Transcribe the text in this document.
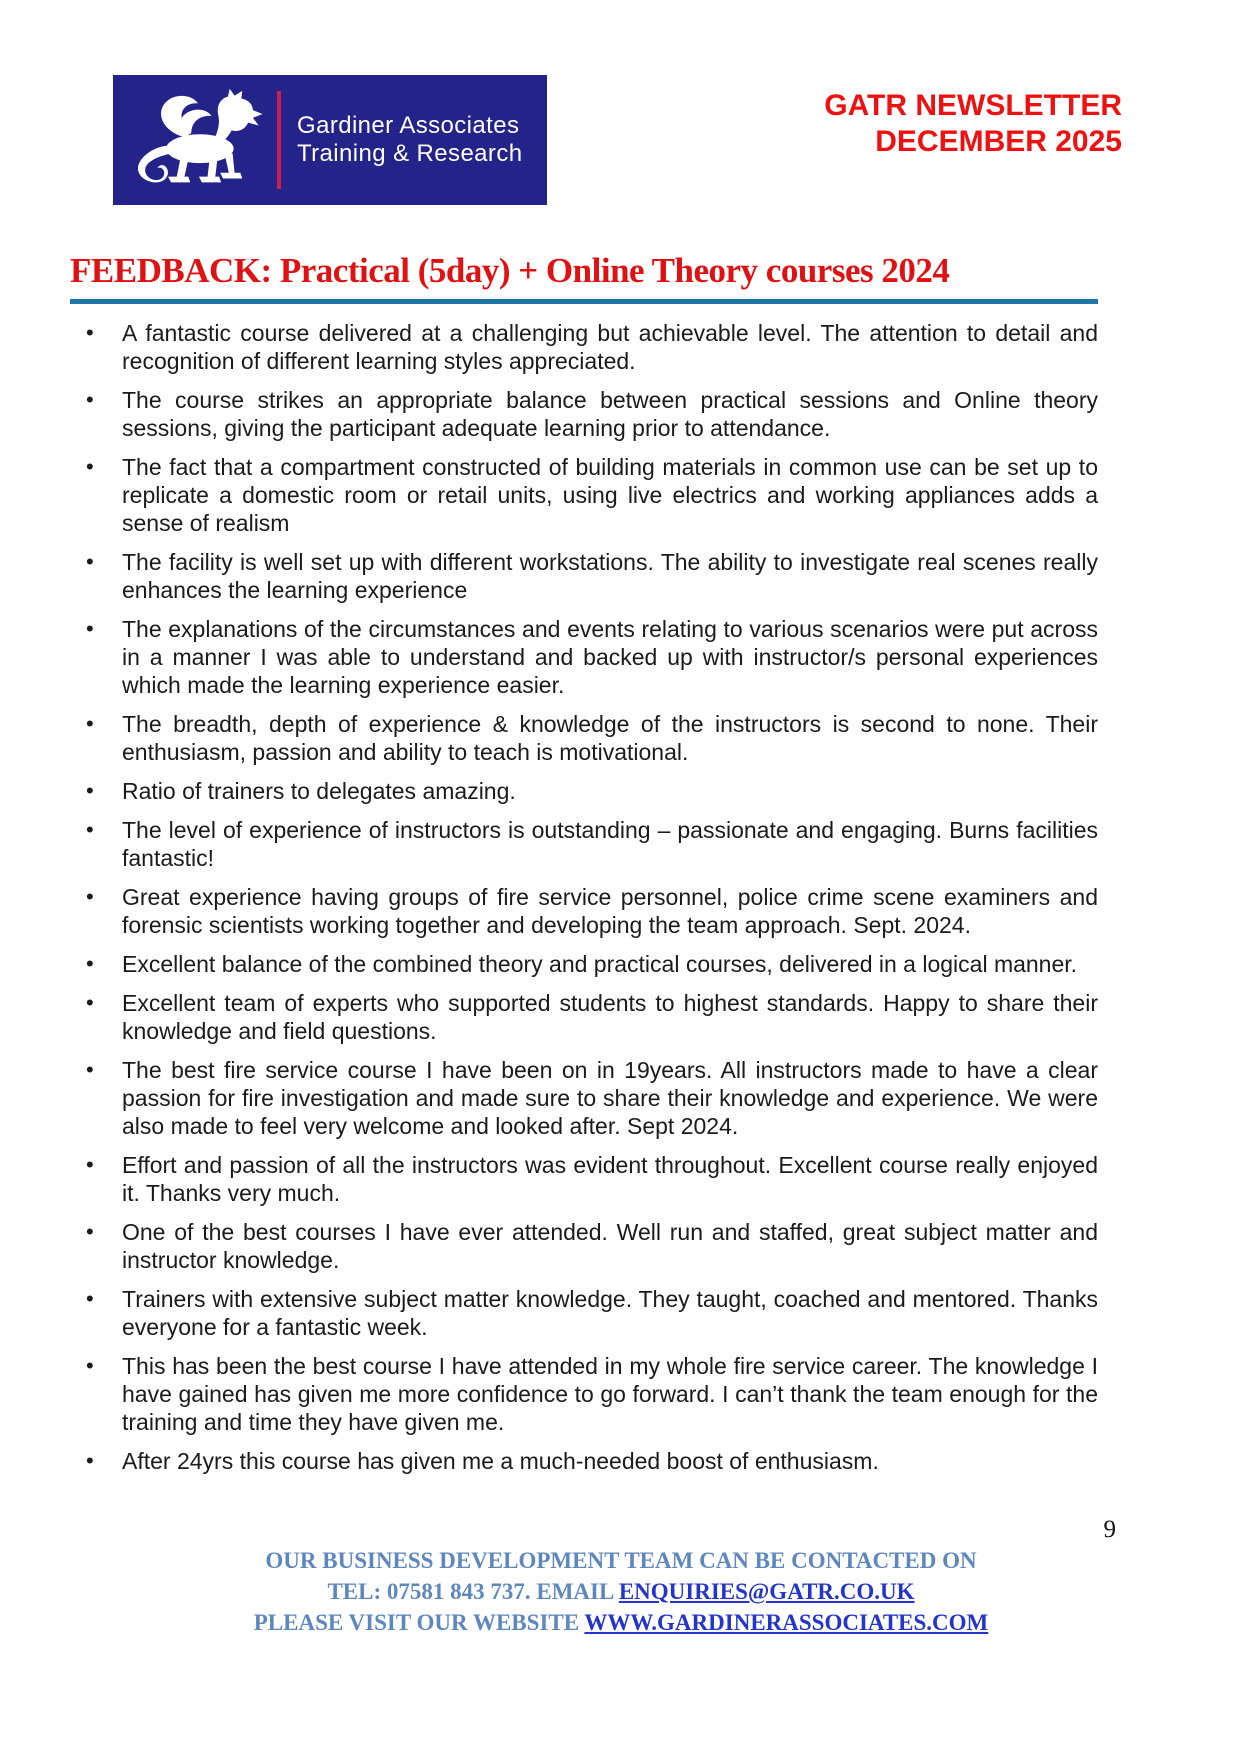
Gardiner Associates
Training & Research
GATR NEWSLETTER
DECEMBER 2025
FEEDBACK: Practical (5day) + Online Theory courses 2024
• A fantastic course delivered at a challenging but achievable level. The attention to detail and recognition of different learning styles appreciated.
• The course strikes an appropriate balance between practical sessions and Online theory sessions, giving the participant adequate learning prior to attendance.
• The fact that a compartment constructed of building materials in common use can be set up to replicate a domestic room or retail units, using live electrics and working appliances adds a sense of realism
• The facility is well set up with different workstations. The ability to investigate real scenes really enhances the learning experience
• The explanations of the circumstances and events relating to various scenarios were put across in a manner I was able to understand and backed up with instructor/s personal experiences which made the learning experience easier.
• The breadth, depth of experience & knowledge of the instructors is second to none. Their enthusiasm, passion and ability to teach is motivational.
• Ratio of trainers to delegates amazing.
• The level of experience of instructors is outstanding – passionate and engaging. Burns facilities fantastic!
• Great experience having groups of fire service personnel, police crime scene examiners and forensic scientists working together and developing the team approach. Sept. 2024.
• Excellent balance of the combined theory and practical courses, delivered in a logical manner.
• Excellent team of experts who supported students to highest standards. Happy to share their knowledge and field questions.
• The best fire service course I have been on in 19years. All instructors made to have a clear passion for fire investigation and made sure to share their knowledge and experience. We were also made to feel very welcome and looked after. Sept 2024.
• Effort and passion of all the instructors was evident throughout. Excellent course really enjoyed it. Thanks very much.
• One of the best courses I have ever attended. Well run and staffed, great subject matter and instructor knowledge.
• Trainers with extensive subject matter knowledge. They taught, coached and mentored. Thanks everyone for a fantastic week.
• This has been the best course I have attended in my whole fire service career. The knowledge I have gained has given me more confidence to go forward. I can’t thank the team enough for the training and time they have given me.
• After 24yrs this course has given me a much-needed boost of enthusiasm.
9
OUR BUSINESS DEVELOPMENT TEAM CAN BE CONTACTED ON
TEL: 07581 843 737. EMAIL ENQUIRIES@GATR.CO.UK
PLEASE VISIT OUR WEBSITE WWW.GARDINERASSOCIATES.COM
